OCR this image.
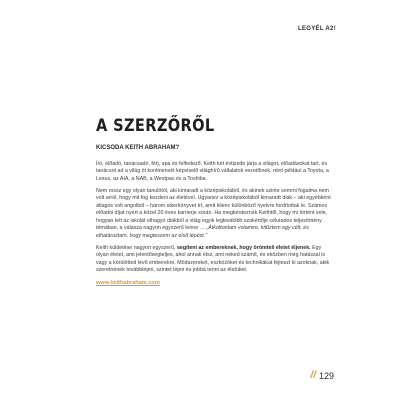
LEGYÉL A2!
A SZERZŐRŐL
KICSODA KEITH ABRAHAM?

Író, előadó, tanácsadó, férj, apa és felfedező. Keith két évtizede járja a világot, előadásokat tart, és tanácsot ad a világ öt kontinensét képviselő világhírű vállalatok vezetőinek, mint például a Toyota, a Lexus, az AIA, a NAB, a Westpac és a Toshiba.

Nem rossz egy olyan tanulótól, aki kimaradt a középiskolából, és akinek szinte semmi fogalma nem volt arról, hogy mit fog kezdeni az életével. Ugyanez a középiskolából kimaradt diák – aki egyébként átlagos volt angolból – három sikerkönyvet írt, amit kilenc különböző nyelvre fordítottak le. Számos előadói díjat nyert a közel 20 éves karrierje során. Ha megkérdeznék Keithtől, hogy mi történt vele, hogyan lett az iskolát elhagyó diákból a világ egyik legkiválóbb szakértője célutados teljesítmény témában, a válasza nagyon egyszerű lenne … „Átkottontam volamire, kitűztem egy célt, és elhatároztam, hogy megteszem az első lépést."

Keith küldetése nagyon egyszerű, segíteni az embereknek, hogy örömteli életet éljenek. Egy olyan életet, ami jelentőségteljes, ahol annak élsz, ami neked számít, és eközben még hatással is vagy a körülötted lévő emberekre. Módszereket, eszközöket és technikákat fejleszt ki azoknak, akik szeretnének továbblépni, szintet lépni és jobbá tenni az életüket.

www.keithabraham.com
// 129
